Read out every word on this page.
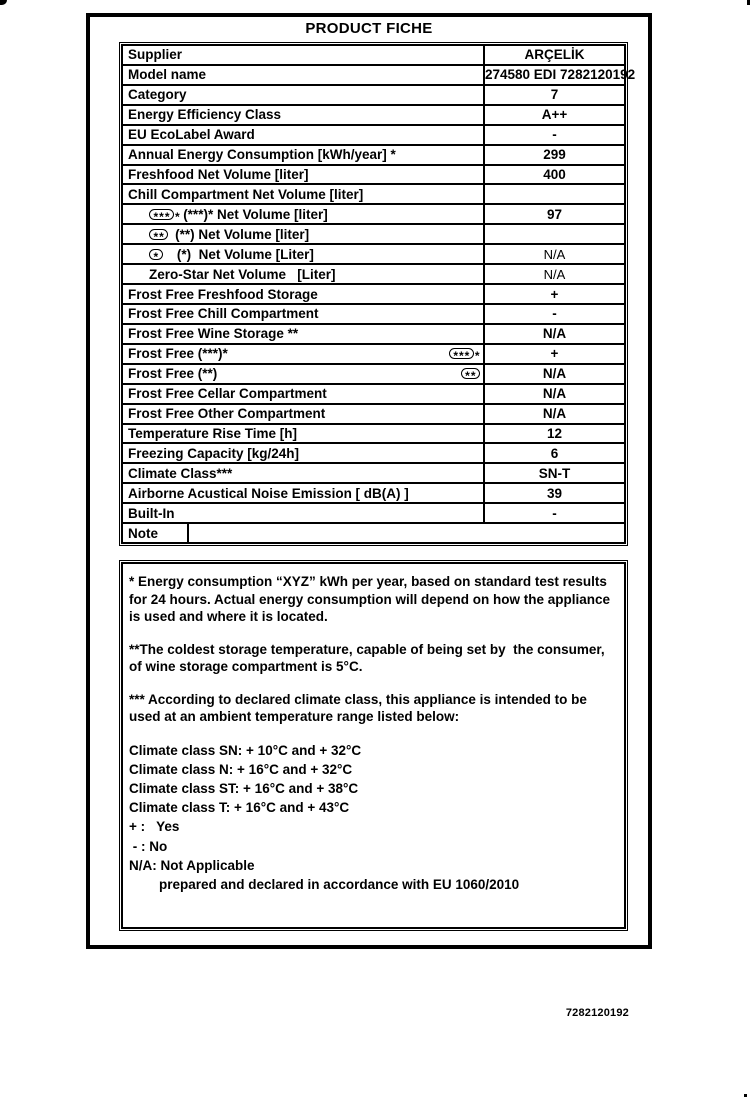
PRODUCT FICHE
Supplier	ARÇELİK
Model name	274580 EDI 7282120192
Category	7
Energy Efficiency Class	A++
EU EcoLabel Award	-
Annual Energy Consumption [kWh/year] *	299
Freshfood Net Volume [liter]	400
Chill Compartment Net Volume [liter]
* * * * (***)* Net Volume [liter]	97
* * (**) Net Volume [liter]
* (*)  Net Volume [Liter]	N/A
Zero-Star Net Volume   [Liter]	N/A
Frost Free Freshfood Storage	+
Frost Free Chill Compartment	-
Frost Free Wine Storage **	N/A
Frost Free (***)*	* * * *	+
Frost Free (**)	* *	N/A
Frost Free Cellar Compartment	N/A
Frost Free Other Compartment	N/A
Temperature Rise Time [h]	12
Freezing Capacity [kg/24h]	6
Climate Class***	SN-T
Airborne Acustical Noise Emission [ dB(A) ]	39
Built-In	-
Note
* Energy consumption “XYZ” kWh per year, based on standard test results for 24 hours. Actual energy consumption will depend on how the appliance is used and where it is located.
**The coldest storage temperature, capable of being set by  the consumer, of wine storage compartment is 5°C.
*** According to declared climate class, this appliance is intended to be used at an ambient temperature range listed below:
Climate class SN: + 10°C and + 32°C
Climate class N: + 16°C and + 32°C
Climate class ST: + 16°C and + 38°C
Climate class T: + 16°C and + 43°C
+ :   Yes
- : No
N/A: Not Applicable
prepared and declared in accordance with EU 1060/2010
7282120192
